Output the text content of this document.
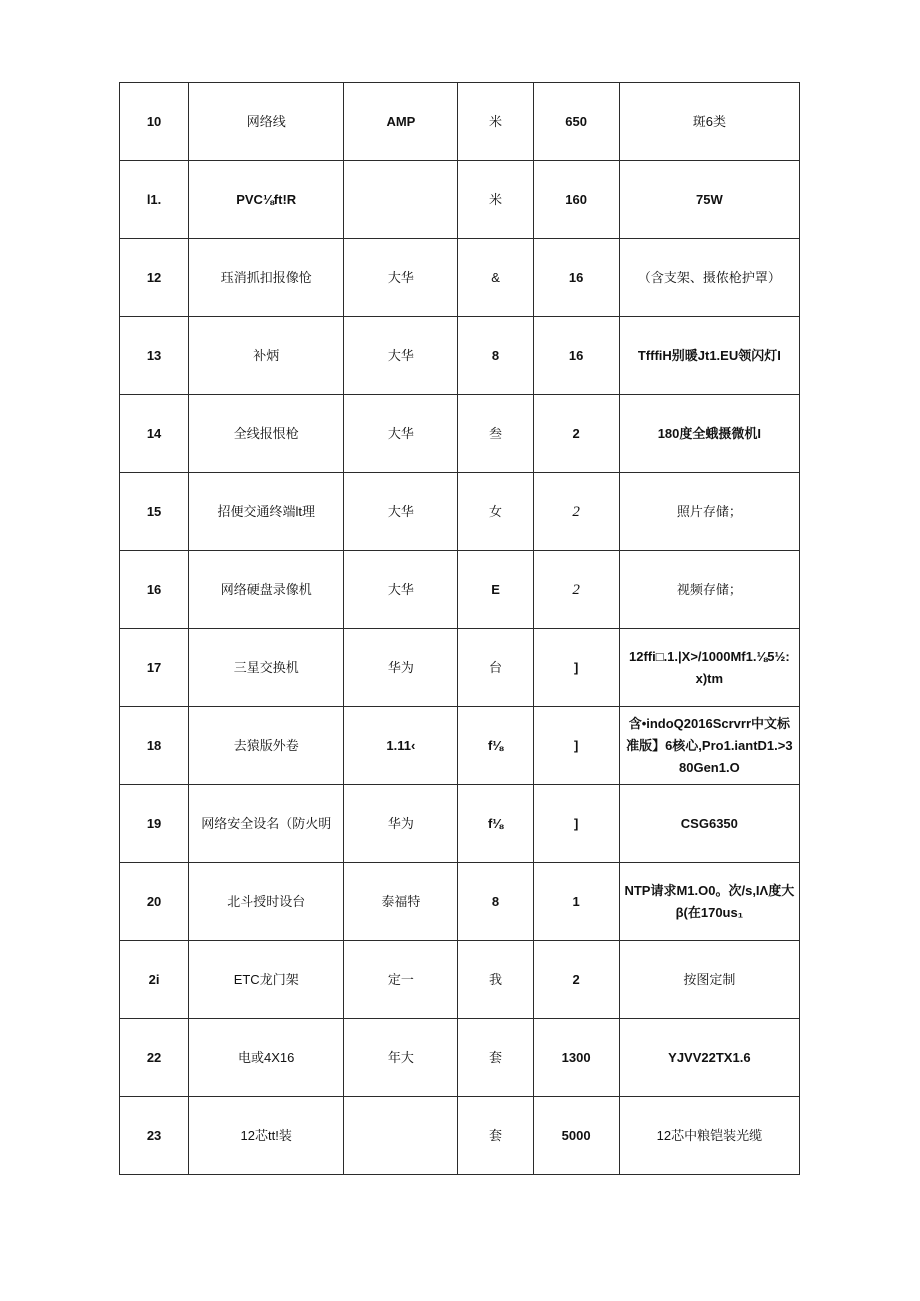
10	网络线	AMP	米	650	斑6类
l1.	PVC⅛ft!R		米	160	75W
12	珏消抓扣报像怆	大华	&	16	（含支架、摄侬枪护罩）
13	补炳	大华	8	16	TfffiH别暖Jt1.EU领闪灯I
14	全线报恨枪	大华	叁	2	180度全蛾摄微机I
15	招便交通终端lt理	大华	女	2	照片存储；
16	网络硬盘录像机	大华	E	2	视频存储；
17	三星交换机	华为	台	]	12ffi□.1.|X>/1000Mf1.⅛5½:x)tm
18	去猿版外卷	1.11‹	f⅛	]	含•indoQ2016Scrvrr中文标准版】6核心,Pro1.iantD1.>380Gen1.O
19	网络安全设名（防火明	华为	f⅛	]	CSG6350
20	北斗授时设台	泰福特	8	1	NTP请求M1.O0。次/s,IΛ度大β(在170us₁
2i	ETC龙门架	定一	我	2	按图定制
22	电或4X16	年大	套	1300	YJVV22TX1.6
23	12芯tt!装		套	5000	12芯中粮铠装光缆
